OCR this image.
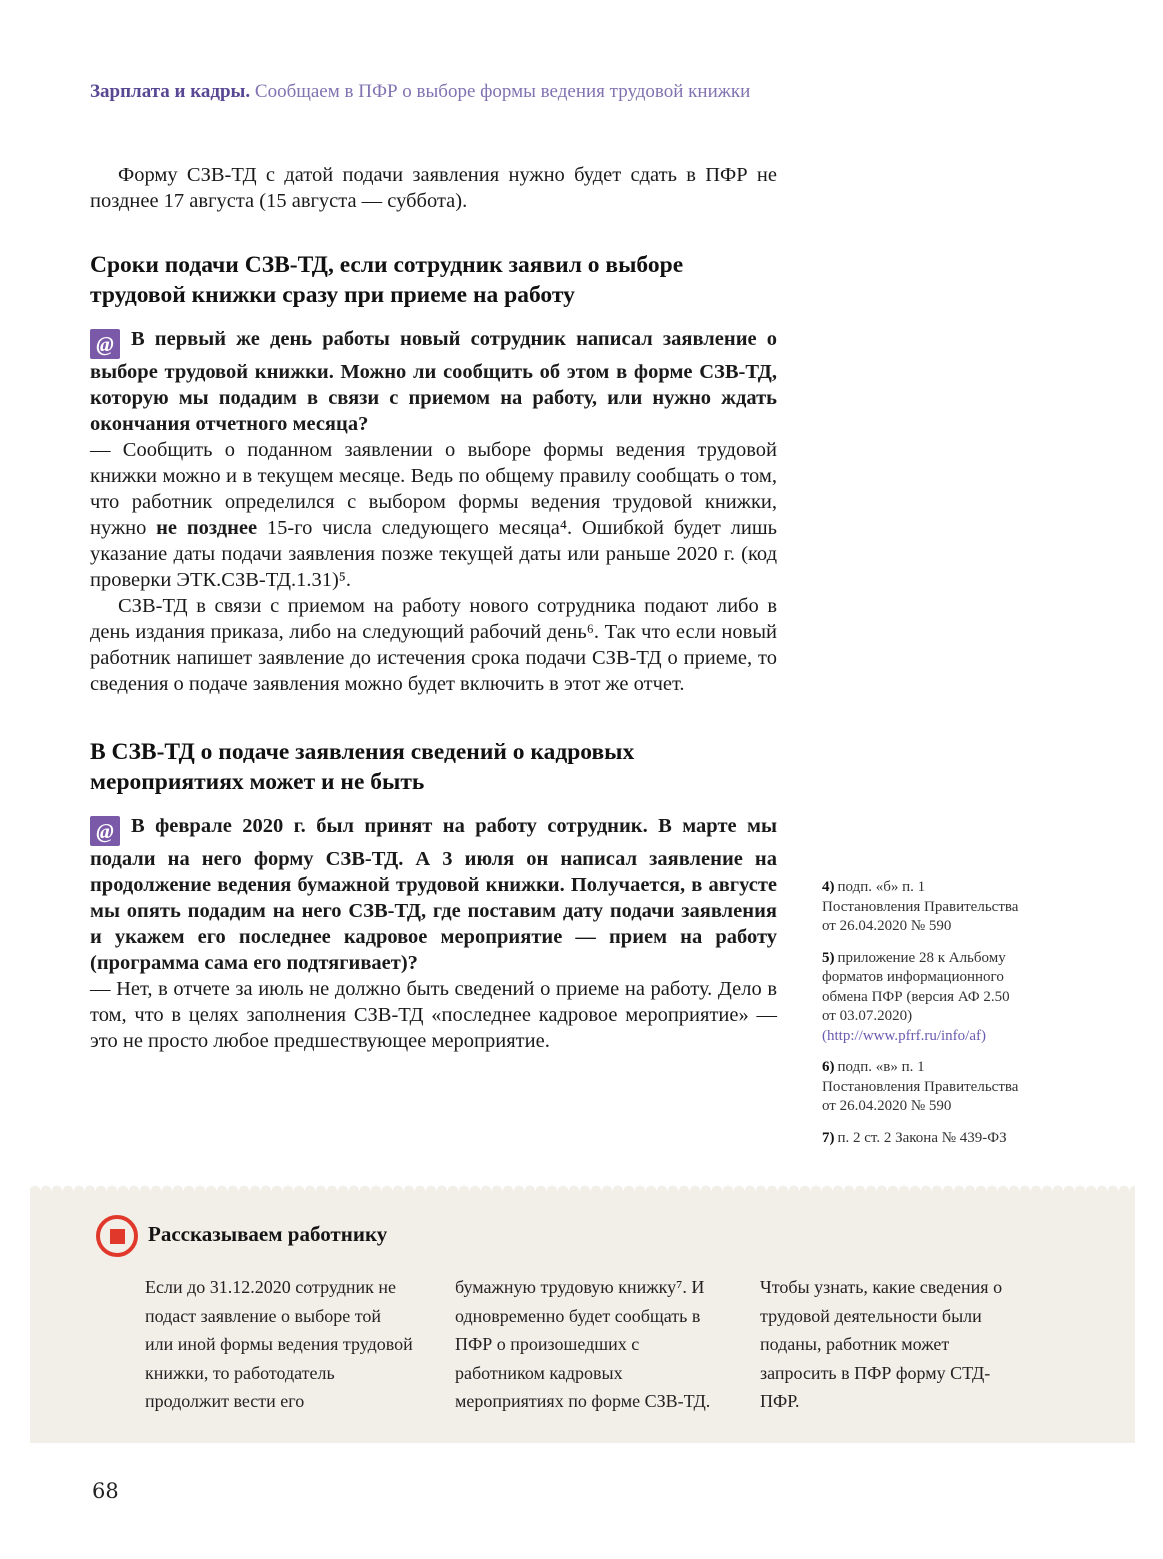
Зарплата и кадры. Сообщаем в ПФР о выборе формы ведения трудовой книжки

Форму СЗВ-ТД с датой подачи заявления нужно будет сдать в ПФР не позднее 17 августа (15 августа — суббота).

Сроки подачи СЗВ-ТД, если сотрудник заявил о выборе трудовой книжки сразу при приеме на работу

@ В первый же день работы новый сотрудник написал заявление о выборе трудовой книжки. Можно ли сообщить об этом в форме СЗВ-ТД, которую мы подадим в связи с приемом на работу, или нужно ждать окончания отчетного месяца?

— Сообщить о поданном заявлении о выборе формы ведения трудовой книжки можно и в текущем месяце. Ведь по общему правилу сообщать о том, что работник определился с выбором формы ведения трудовой книжки, нужно не позднее 15-го числа следующего месяца⁴. Ошибкой будет лишь указание даты подачи заявления позже текущей даты или раньше 2020 г. (код проверки ЭТК.СЗВ-ТД.1.31)⁵.

СЗВ-ТД в связи с приемом на работу нового сотрудника подают либо в день издания приказа, либо на следующий рабочий день⁶. Так что если новый работник напишет заявление до истечения срока подачи СЗВ-ТД о приеме, то сведения о подаче заявления можно будет включить в этот же отчет.

В СЗВ-ТД о подаче заявления сведений о кадровых мероприятиях может и не быть

@ В феврале 2020 г. был принят на работу сотрудник. В марте мы подали на него форму СЗВ-ТД. А 3 июля он написал заявление на продолжение ведения бумажной трудовой книжки. Получается, в августе мы опять подадим на него СЗВ-ТД, где поставим дату подачи заявления и укажем его последнее кадровое мероприятие — прием на работу (программа сама его подтягивает)?

— Нет, в отчете за июль не должно быть сведений о приеме на работу. Дело в том, что в целях заполнения СЗВ-ТД «последнее кадровое мероприятие» — это не просто любое предшествующее мероприятие.

4) подп. «б» п. 1 Постановления Правительства от 26.04.2020 № 590
5) приложение 28 к Альбому форматов информационного обмена ПФР (версия АФ 2.50 от 03.07.2020)
(http://www.pfrf.ru/info/af)
6) подп. «в» п. 1 Постановления Правительства от 26.04.2020 № 590
7) п. 2 ст. 2 Закона № 439-ФЗ
Рассказываем работнику
Если до 31.12.2020 сотрудник не подаст заявление о выборе той или иной формы ведения трудовой книжки, то работодатель продолжит вести его
бумажную трудовую книжку⁷. И одновременно будет сообщать в ПФР о произошедших с работником кадровых мероприятиях по форме СЗВ-ТД.
Чтобы узнать, какие сведения о трудовой деятельности были поданы, работник может запросить в ПФР форму СТД-ПФР.
68
